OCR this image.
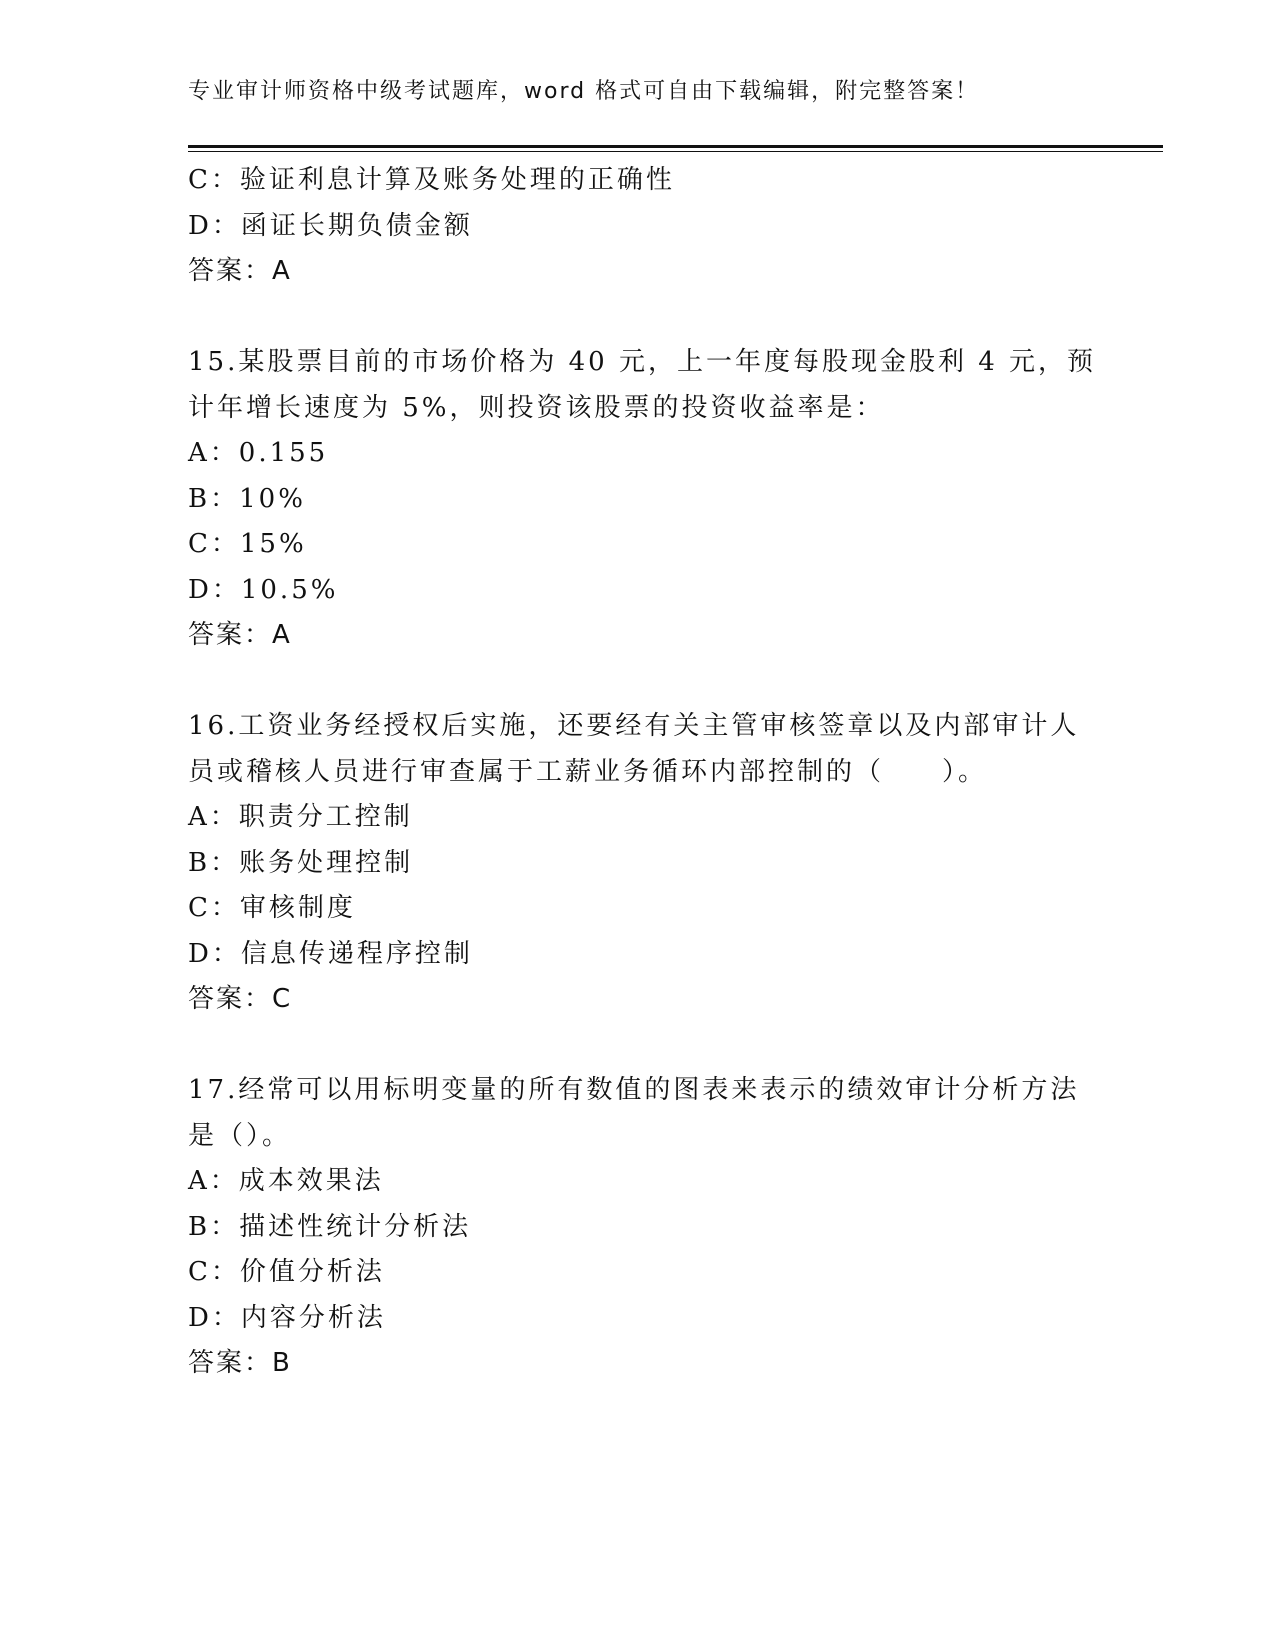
专业审计师资格中级考试题库，word 格式可自由下载编辑，附完整答案！
C：验证利息计算及账务处理的正确性
D：函证长期负债金额
答案：A
15.某股票目前的市场价格为 40 元，上一年度每股现金股利 4 元，预
计年增长速度为 5%，则投资该股票的投资收益率是：
A：0.155
B：10%
C：15%
D：10.5%
答案：A
16.工资业务经授权后实施，还要经有关主管审核签章以及内部审计人
员或稽核人员进行审查属于工薪业务循环内部控制的（　　）。
A：职责分工控制
B：账务处理控制
C：审核制度
D：信息传递程序控制
答案：C
17.经常可以用标明变量的所有数值的图表来表示的绩效审计分析方法
是（）。
A：成本效果法
B：描述性统计分析法
C：价值分析法
D：内容分析法
答案：B
